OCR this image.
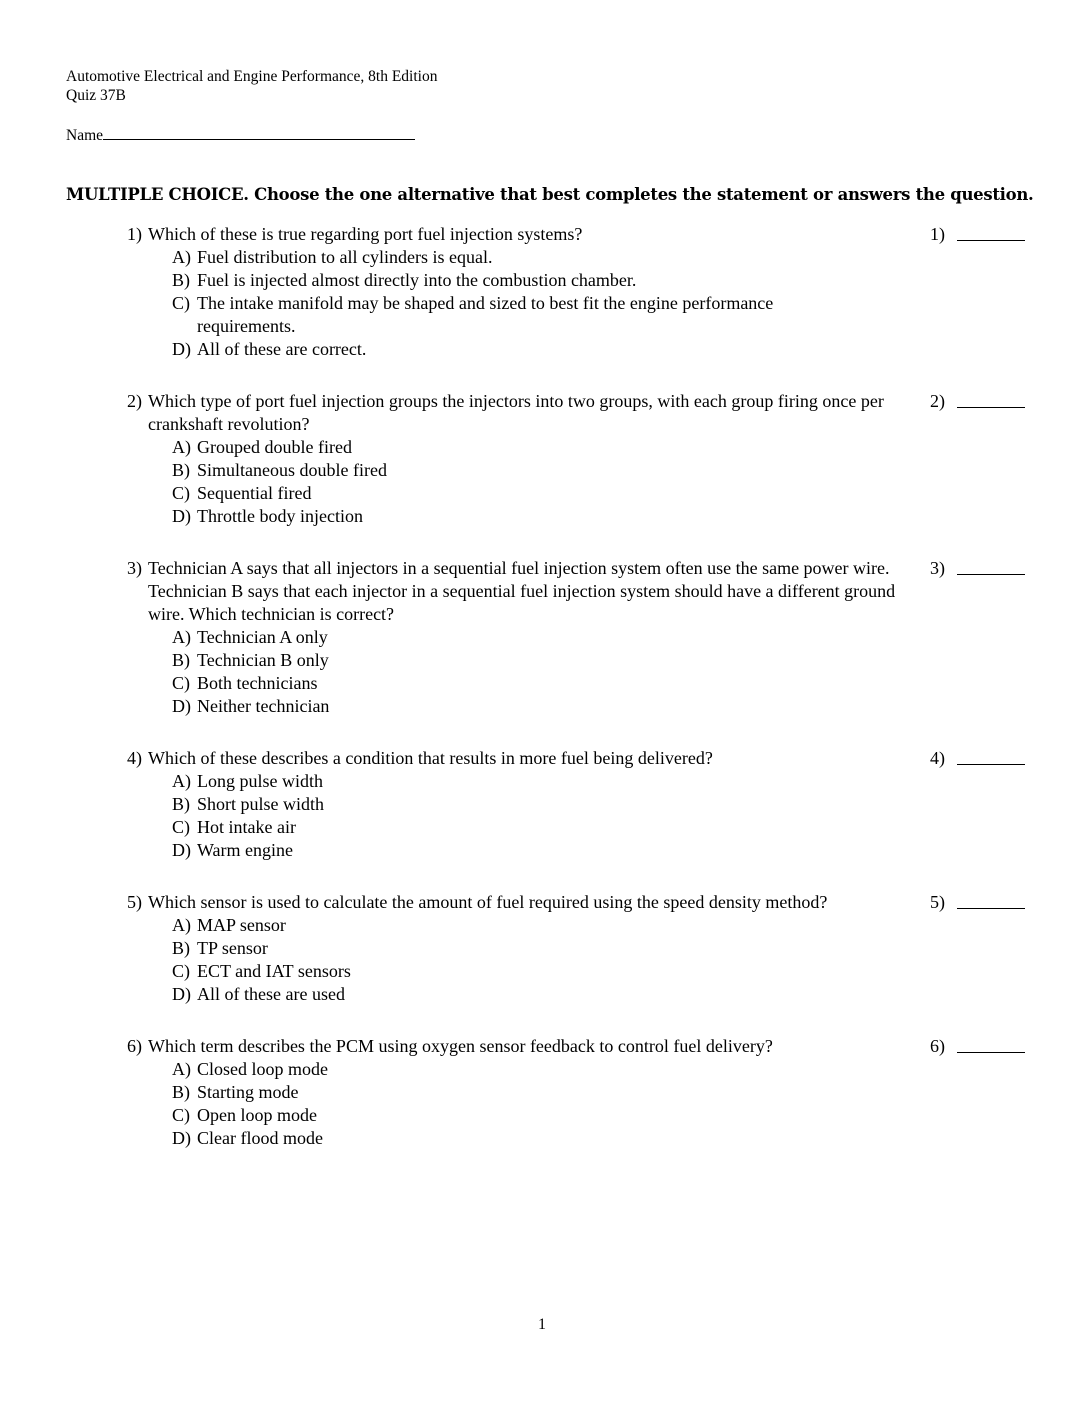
Automotive Electrical and Engine Performance, 8th Edition
Quiz 37B
Name
MULTIPLE CHOICE. Choose the one alternative that best completes the statement or answers the question.
1) Which of these is true regarding port fuel injection systems?	1)
A) Fuel distribution to all cylinders is equal.
B) Fuel is injected almost directly into the combustion chamber.
C) The intake manifold may be shaped and sized to best fit the engine performance requirements.
D) All of these are correct.
2) Which type of port fuel injection groups the injectors into two groups, with each group firing once per crankshaft revolution?
2)
A) Grouped double fired
B) Simultaneous double fired
C) Sequential fired
D) Throttle body injection
3) Technician A says that all injectors in a sequential fuel injection system often use the same power wire. Technician B says that each injector in a sequential fuel injection system should have a different ground wire. Which technician is correct?
3)
A) Technician A only
B) Technician B only
C) Both technicians
D) Neither technician
4) Which of these describes a condition that results in more fuel being delivered?	4)
A) Long pulse width
B) Short pulse width
C) Hot intake air
D) Warm engine
5) Which sensor is used to calculate the amount of fuel required using the speed density method?	5)
A) MAP sensor
B) TP sensor
C) ECT and IAT sensors
D) All of these are used
6) Which term describes the PCM using oxygen sensor feedback to control fuel delivery?	6)
A) Closed loop mode
B) Starting mode
C) Open loop mode
D) Clear flood mode
1
